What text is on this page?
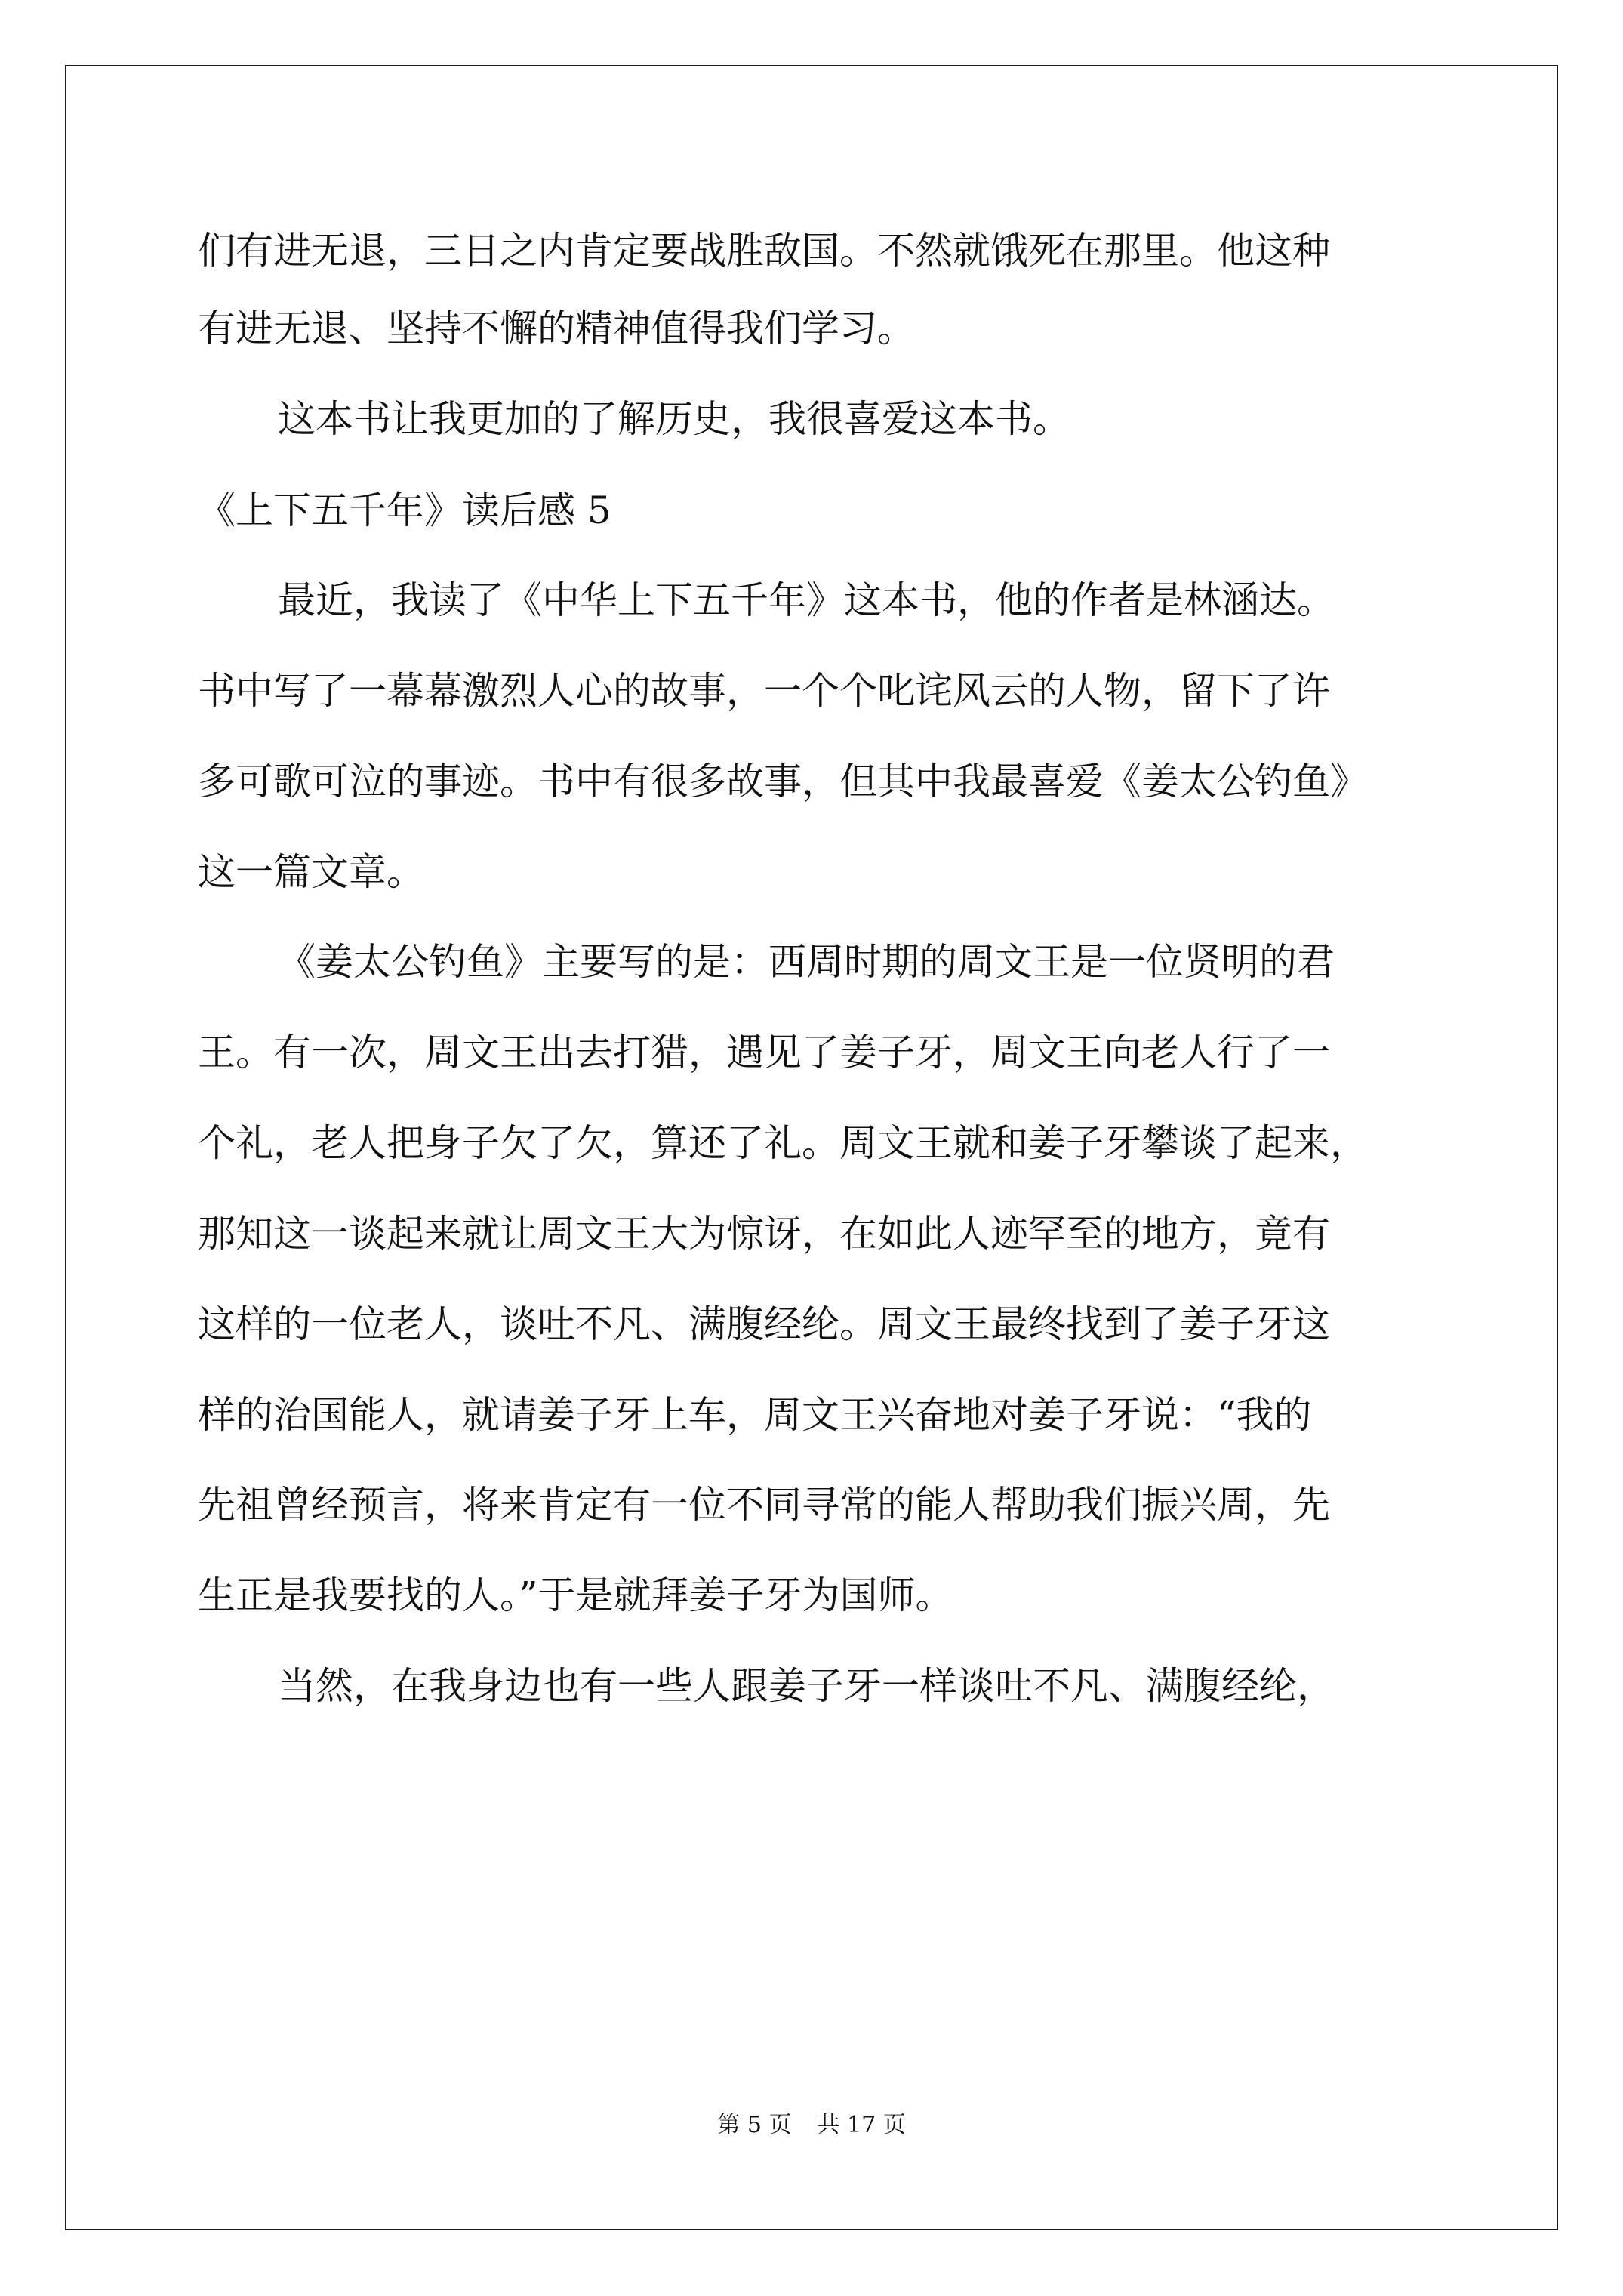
们有进无退，三日之内肯定要战胜敌国。不然就饿死在那里。他这种

有进无退、坚持不懈的精神值得我们学习。

这本书让我更加的了解历史，我很喜爱这本书。

《上下五千年》读后感 5

最近，我读了《中华上下五千年》这本书，他的作者是林涵达。

书中写了一幕幕激烈人心的故事，一个个叱诧风云的人物，留下了许

多可歌可泣的事迹。书中有很多故事，但其中我最喜爱《姜太公钓鱼》

这一篇文章。

《姜太公钓鱼》主要写的是：西周时期的周文王是一位贤明的君

王。有一次，周文王出去打猎，遇见了姜子牙，周文王向老人行了一

个礼，老人把身子欠了欠，算还了礼。周文王就和姜子牙攀谈了起来，

那知这一谈起来就让周文王大为惊讶，在如此人迹罕至的地方，竟有

这样的一位老人，谈吐不凡、满腹经纶。周文王最终找到了姜子牙这

样的治国能人，就请姜子牙上车，周文王兴奋地对姜子牙说：“我的

先祖曾经预言，将来肯定有一位不同寻常的能人帮助我们振兴周，先

生正是我要找的人。”于是就拜姜子牙为国师。

当然，在我身边也有一些人跟姜子牙一样谈吐不凡、满腹经纶，

第 5 页 共 17 页
